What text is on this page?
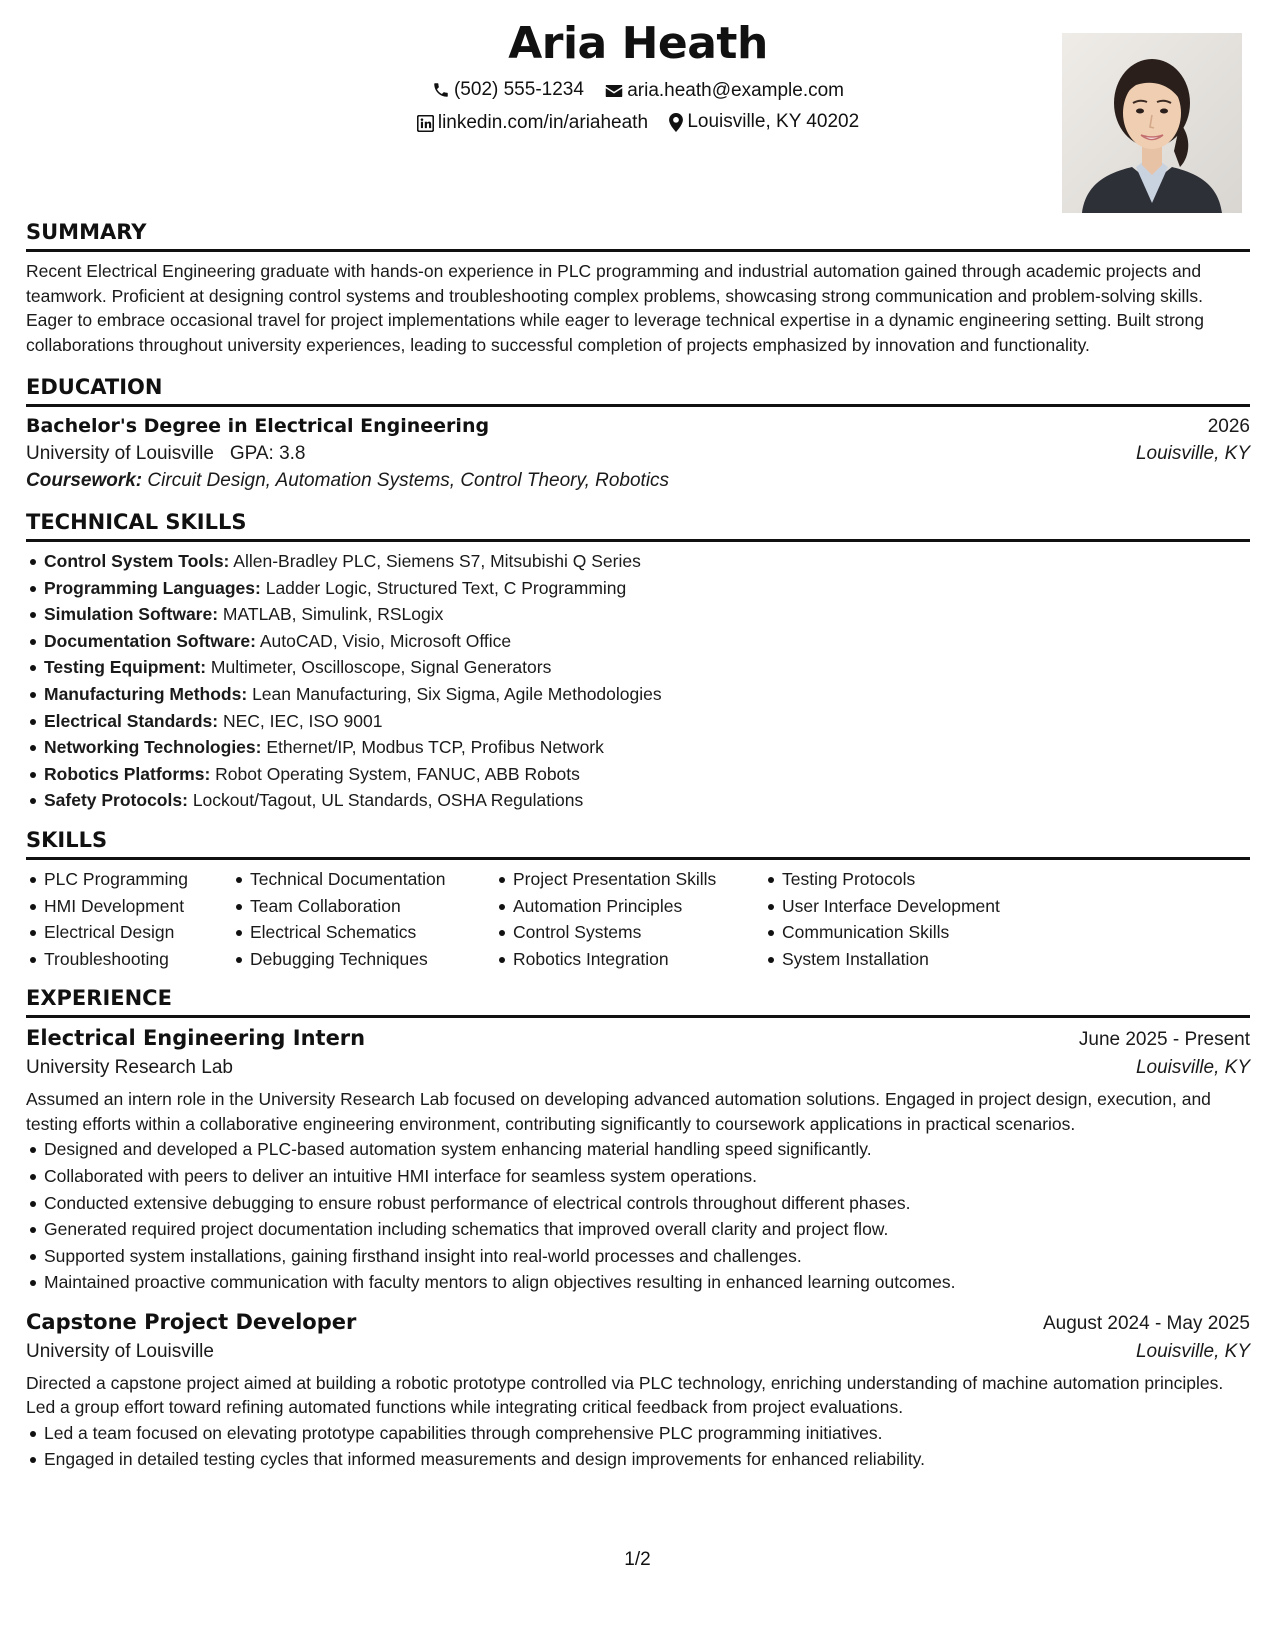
Aria Heath
(502) 555-1234
aria.heath@example.com
linkedin.com/in/ariaheath
Louisville, KY 40202
SUMMARY

Recent Electrical Engineering graduate with hands-on experience in PLC programming and industrial automation gained through academic projects and teamwork. Proficient at designing control systems and troubleshooting complex problems, showcasing strong communication and problem-solving skills. Eager to embrace occasional travel for project implementations while eager to leverage technical expertise in a dynamic engineering setting. Built strong collaborations throughout university experiences, leading to successful completion of projects emphasized by innovation and functionality.

EDUCATION
Bachelor's Degree in Electrical Engineering	2026
University of Louisville GPA: 3.8	Louisville, KY
Coursework: Circuit Design, Automation Systems, Control Theory, Robotics
TECHNICAL SKILLS
Control System Tools: Allen-Bradley PLC, Siemens S7, Mitsubishi Q Series
Programming Languages: Ladder Logic, Structured Text, C Programming
Simulation Software: MATLAB, Simulink, RSLogix
Documentation Software: AutoCAD, Visio, Microsoft Office
Testing Equipment: Multimeter, Oscilloscope, Signal Generators
Manufacturing Methods: Lean Manufacturing, Six Sigma, Agile Methodologies
Electrical Standards: NEC, IEC, ISO 9001
Networking Technologies: Ethernet/IP, Modbus TCP, Profibus Network
Robotics Platforms: Robot Operating System, FANUC, ABB Robots
Safety Protocols: Lockout/Tagout, UL Standards, OSHA Regulations
SKILLS
PLC Programming
HMI Development
Electrical Design
Troubleshooting
Technical Documentation
Team Collaboration
Electrical Schematics
Debugging Techniques
Project Presentation Skills
Automation Principles
Control Systems
Robotics Integration
Testing Protocols
User Interface Development
Communication Skills
System Installation
EXPERIENCE
Electrical Engineering Intern	June 2025 - Present
University Research Lab	Louisville, KY

Assumed an intern role in the University Research Lab focused on developing advanced automation solutions. Engaged in project design, execution, and testing efforts within a collaborative engineering environment, contributing significantly to coursework applications in practical scenarios.

Designed and developed a PLC-based automation system enhancing material handling speed significantly.
Collaborated with peers to deliver an intuitive HMI interface for seamless system operations.
Conducted extensive debugging to ensure robust performance of electrical controls throughout different phases.
Generated required project documentation including schematics that improved overall clarity and project flow.
Supported system installations, gaining firsthand insight into real-world processes and challenges.
Maintained proactive communication with faculty mentors to align objectives resulting in enhanced learning outcomes.
Capstone Project Developer	August 2024 - May 2025
University of Louisville	Louisville, KY

Directed a capstone project aimed at building a robotic prototype controlled via PLC technology, enriching understanding of machine automation principles. Led a group effort toward refining automated functions while integrating critical feedback from project evaluations.

Led a team focused on elevating prototype capabilities through comprehensive PLC programming initiatives.
Engaged in detailed testing cycles that informed measurements and design improvements for enhanced reliability.
1/2
